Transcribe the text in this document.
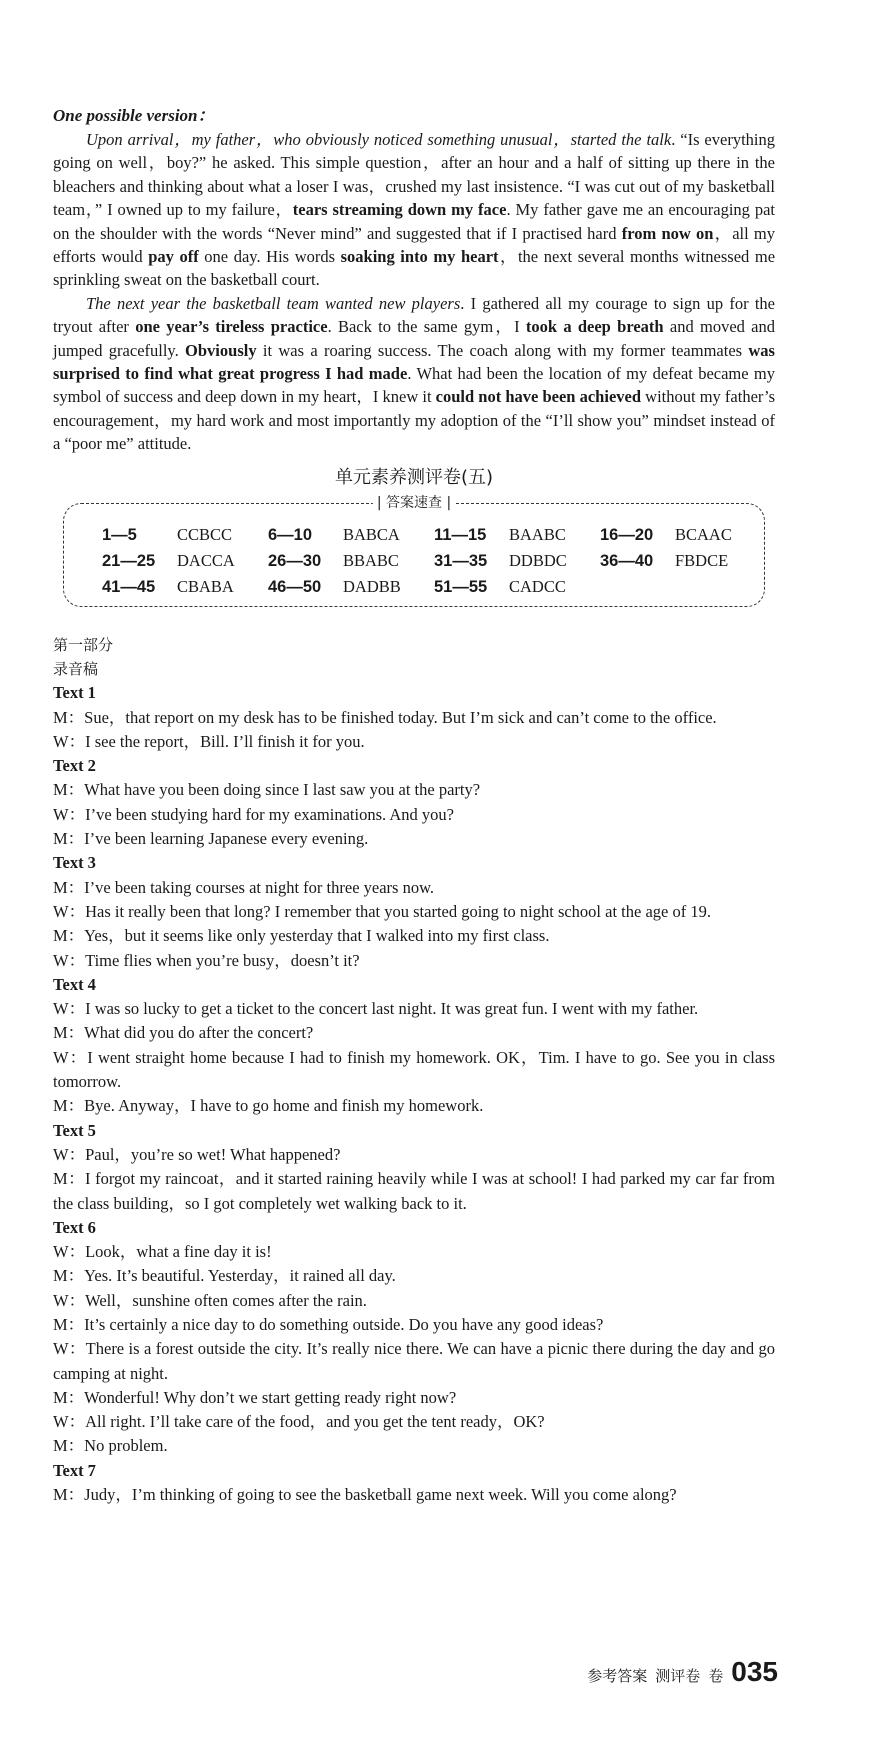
One possible version：

Upon arrival，my father，who obviously noticed something unusual，started the talk. “Is everything going on well，boy?” he asked. This simple question，after an hour and a half of sitting up there in the bleachers and thinking about what a loser I was，crushed my last insistence. “I was cut out of my basketball team，” I owned up to my failure，tears streaming down my face. My father gave me an encouraging pat on the shoulder with the words “Never mind” and suggested that if I practised hard from now on，all my efforts would pay off one day. His words soaking into my heart，the next several months witnessed me sprinkling sweat on the basketball court.

The next year the basketball team wanted new players. I gathered all my courage to sign up for the tryout after one year’s tireless practice. Back to the same gym，I took a deep breath and moved and jumped gracefully. Obviously it was a roaring success. The coach along with my former teammates was surprised to find what great progress I had made. What had been the location of my defeat became my symbol of success and deep down in my heart，I knew it could not have been achieved without my father’s encouragement，my hard work and most importantly my adoption of the “I’ll show you” mindset instead of a “poor me” attitude.

单元素养测评卷(五)
| 答案速查 |
1—5 CCBCC	6—10 BABCA	11—15 BAABC	16—20 BCAAC
21—25 DACCA	26—30 BBABC	31—35 DDBDC	36—40 FBDCE
41—45 CBABA	46—50 DADBB	51—55 CADCC
第一部分
录音稿
Text 1
M：Sue，that report on my desk has to be finished today. But I’m sick and can’t come to the office.
W：I see the report，Bill. I’ll finish it for you.
Text 2
M：What have you been doing since I last saw you at the party?
W：I’ve been studying hard for my examinations. And you?
M：I’ve been learning Japanese every evening.
Text 3
M：I’ve been taking courses at night for three years now.
W：Has it really been that long? I remember that you started going to night school at the age of 19.
M：Yes，but it seems like only yesterday that I walked into my first class.
W：Time flies when you’re busy，doesn’t it?
Text 4
W：I was so lucky to get a ticket to the concert last night. It was great fun. I went with my father.
M：What did you do after the concert?
W：I went straight home because I had to finish my homework. OK，Tim. I have to go. See you in class tomorrow.
M：Bye. Anyway，I have to go home and finish my homework.
Text 5
W：Paul，you’re so wet! What happened?
M：I forgot my raincoat，and it started raining heavily while I was at school! I had parked my car far from the class building，so I got completely wet walking back to it.
Text 6
W：Look，what a fine day it is!
M：Yes. It’s beautiful. Yesterday，it rained all day.
W：Well，sunshine often comes after the rain.
M：It’s certainly a nice day to do something outside. Do you have any good ideas?
W：There is a forest outside the city. It’s really nice there. We can have a picnic there during the day and go camping at night.
M：Wonderful! Why don’t we start getting ready right now?
W：All right. I’ll take care of the food，and you get the tent ready，OK?
M：No problem.
Text 7
M：Judy，I’m thinking of going to see the basketball game next week. Will you come along?
参考答案 测评卷 卷 035
